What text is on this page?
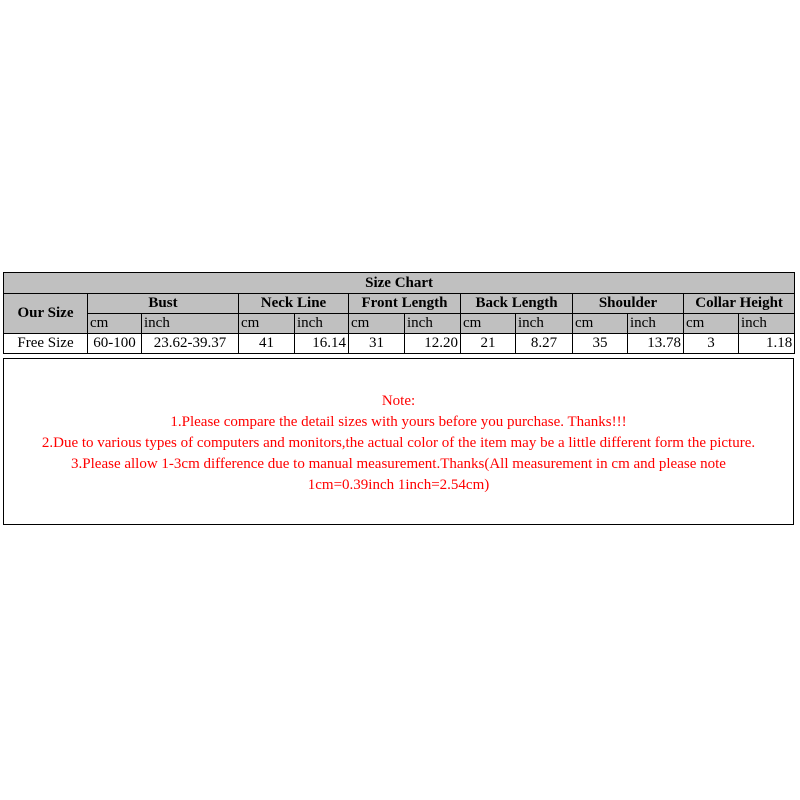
Size Chart												
Our Size	Bust		Neck Line		Front Length		Back Length		Shoulder		Collar Height	
	cm	inch	cm	inch	cm	inch	cm	inch	cm	inch	cm	inch
Free Size	60-100	23.62-39.37	41	16.14	31	12.20	21	8.27	35	13.78	3	1.18

Note:

1.Please compare the detail sizes with yours before you purchase. Thanks!!!

2.Due to various types of computers and monitors,the actual color of the item may be a little different form the picture.

3.Please allow 1-3cm difference due to manual measurement.Thanks(All measurement in cm and please note

1cm=0.39inch 1inch=2.54cm)
